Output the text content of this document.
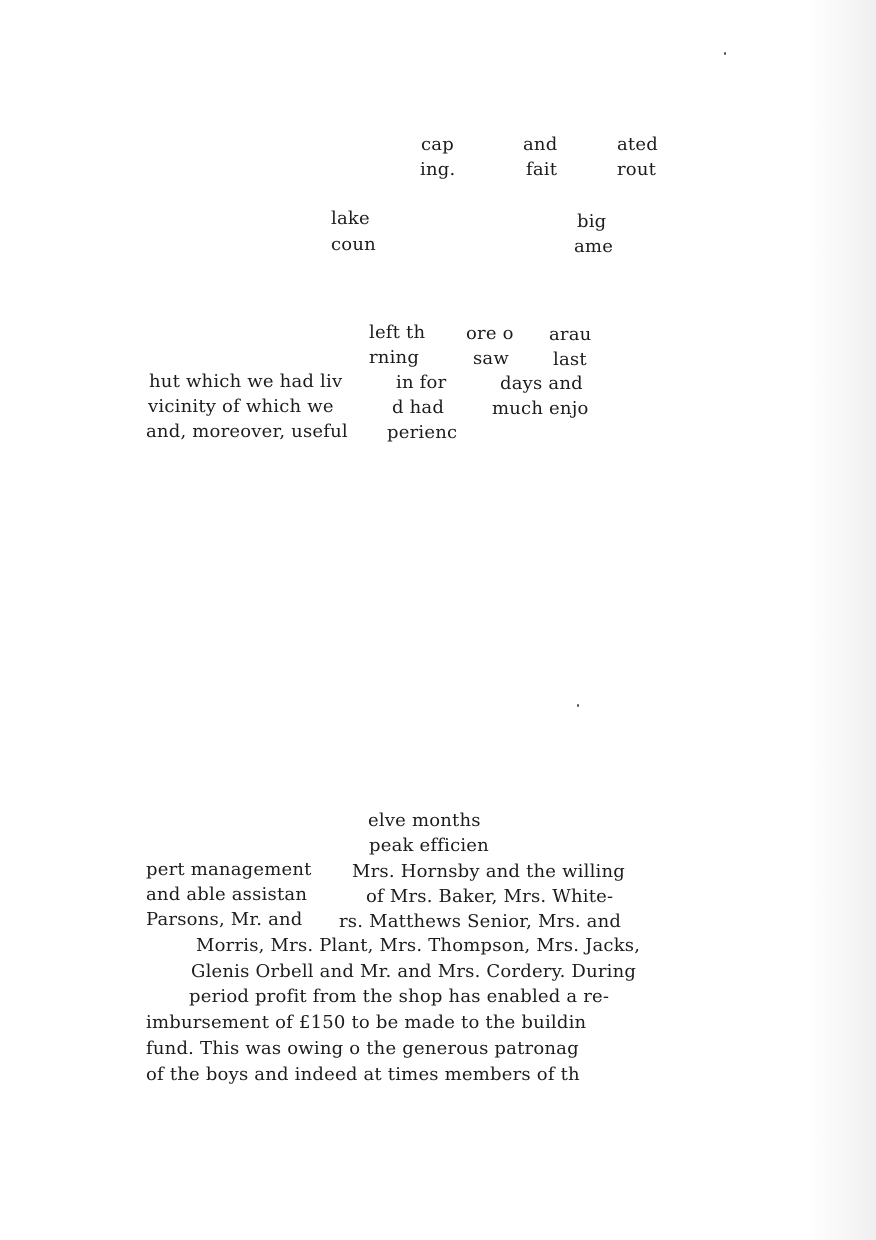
cap	and	ated
ing.	fait	rout
lake	big
coun	ame
left th ore o arau
rning	saw last
hut which we had liv	in for	days and
vicinity of which we	d had	much enjo
and, moreover, useful perienc
elve months
peak efficien
pert management Mrs. Hornsby and the willing
and able assistan	of Mrs. Baker, Mrs. White-
Parsons, Mr. and rs. Matthews Senior, Mrs. and
Morris, Mrs. Plant, Mrs. Thompson, Mrs. Jacks,
Glenis Orbell and Mr. and Mrs. Cordery. During
period profit from the shop has enabled a re-
imbursement of £150 to be made to the buildin
fund. This was owing o the generous patronag
of the boys and indeed at times members of th
